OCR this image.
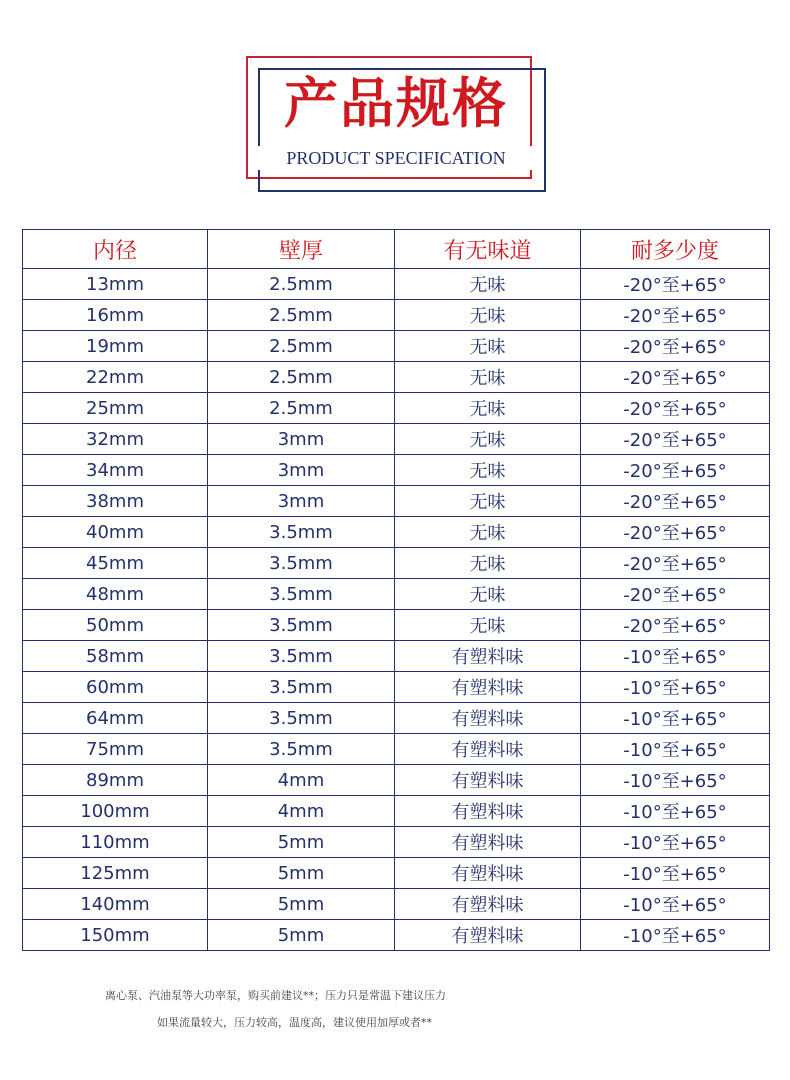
产品规格
PRODUCT SPECIFICATION
内径	壁厚	有无味道	耐多少度
13mm	2.5mm	无味	-20°至+65°
16mm	2.5mm	无味	-20°至+65°
19mm	2.5mm	无味	-20°至+65°
22mm	2.5mm	无味	-20°至+65°
25mm	2.5mm	无味	-20°至+65°
32mm	3mm	无味	-20°至+65°
34mm	3mm	无味	-20°至+65°
38mm	3mm	无味	-20°至+65°
40mm	3.5mm	无味	-20°至+65°
45mm	3.5mm	无味	-20°至+65°
48mm	3.5mm	无味	-20°至+65°
50mm	3.5mm	无味	-20°至+65°
58mm	3.5mm	有塑料味	-10°至+65°
60mm	3.5mm	有塑料味	-10°至+65°
64mm	3.5mm	有塑料味	-10°至+65°
75mm	3.5mm	有塑料味	-10°至+65°
89mm	4mm	有塑料味	-10°至+65°
100mm	4mm	有塑料味	-10°至+65°
110mm	5mm	有塑料味	-10°至+65°
125mm	5mm	有塑料味	-10°至+65°
140mm	5mm	有塑料味	-10°至+65°
150mm	5mm	有塑料味	-10°至+65°
离心泵、汽油泵等大功率泵，购买前建议**；压力只是常温下建议压力
如果流量较大，压力较高，温度高，建议使用加厚或者**
